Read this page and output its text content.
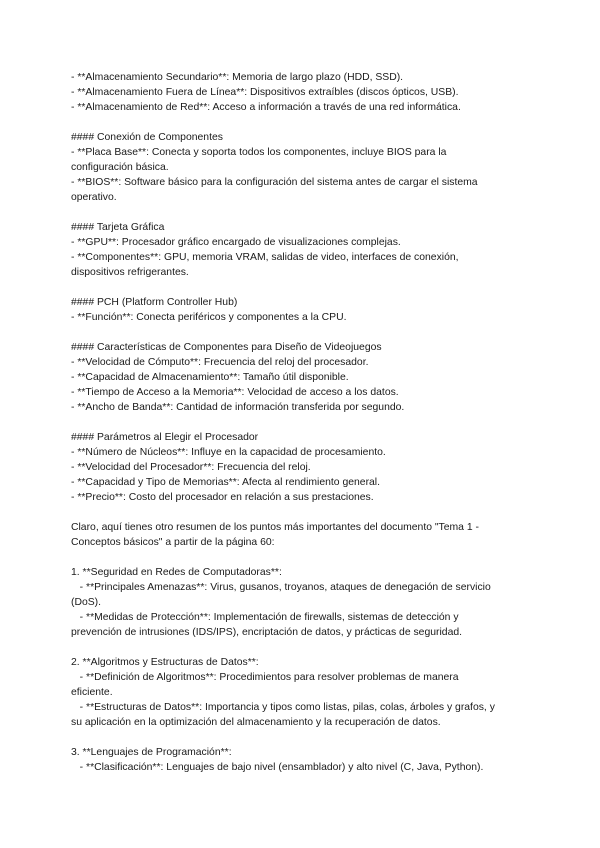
- **Almacenamiento Secundario**: Memoria de largo plazo (HDD, SSD).
- **Almacenamiento Fuera de Línea**: Dispositivos extraíbles (discos ópticos, USB).
- **Almacenamiento de Red**: Acceso a información a través de una red informática.
#### Conexión de Componentes
- **Placa Base**: Conecta y soporta todos los componentes, incluye BIOS para la
configuración básica.
- **BIOS**: Software básico para la configuración del sistema antes de cargar el sistema
operativo.
#### Tarjeta Gráfica
- **GPU**: Procesador gráfico encargado de visualizaciones complejas.
- **Componentes**: GPU, memoria VRAM, salidas de video, interfaces de conexión,
dispositivos refrigerantes.
#### PCH (Platform Controller Hub)
- **Función**: Conecta periféricos y componentes a la CPU.
#### Características de Componentes para Diseño de Videojuegos
- **Velocidad de Cómputo**: Frecuencia del reloj del procesador.
- **Capacidad de Almacenamiento**: Tamaño útil disponible.
- **Tiempo de Acceso a la Memoria**: Velocidad de acceso a los datos.
- **Ancho de Banda**: Cantidad de información transferida por segundo.
#### Parámetros al Elegir el Procesador
- **Número de Núcleos**: Influye en la capacidad de procesamiento.
- **Velocidad del Procesador**: Frecuencia del reloj.
- **Capacidad y Tipo de Memorias**: Afecta al rendimiento general.
- **Precio**: Costo del procesador en relación a sus prestaciones.
Claro, aquí tienes otro resumen de los puntos más importantes del documento "Tema 1 -
Conceptos básicos" a partir de la página 60:
1. **Seguridad en Redes de Computadoras**:
- **Principales Amenazas**: Virus, gusanos, troyanos, ataques de denegación de servicio
(DoS).
- **Medidas de Protección**: Implementación de firewalls, sistemas de detección y
prevención de intrusiones (IDS/IPS), encriptación de datos, y prácticas de seguridad.
2. **Algoritmos y Estructuras de Datos**:
- **Definición de Algoritmos**: Procedimientos para resolver problemas de manera
eficiente.
- **Estructuras de Datos**: Importancia y tipos como listas, pilas, colas, árboles y grafos, y
su aplicación en la optimización del almacenamiento y la recuperación de datos.
3. **Lenguajes de Programación**:
- **Clasificación**: Lenguajes de bajo nivel (ensamblador) y alto nivel (C, Java, Python).
